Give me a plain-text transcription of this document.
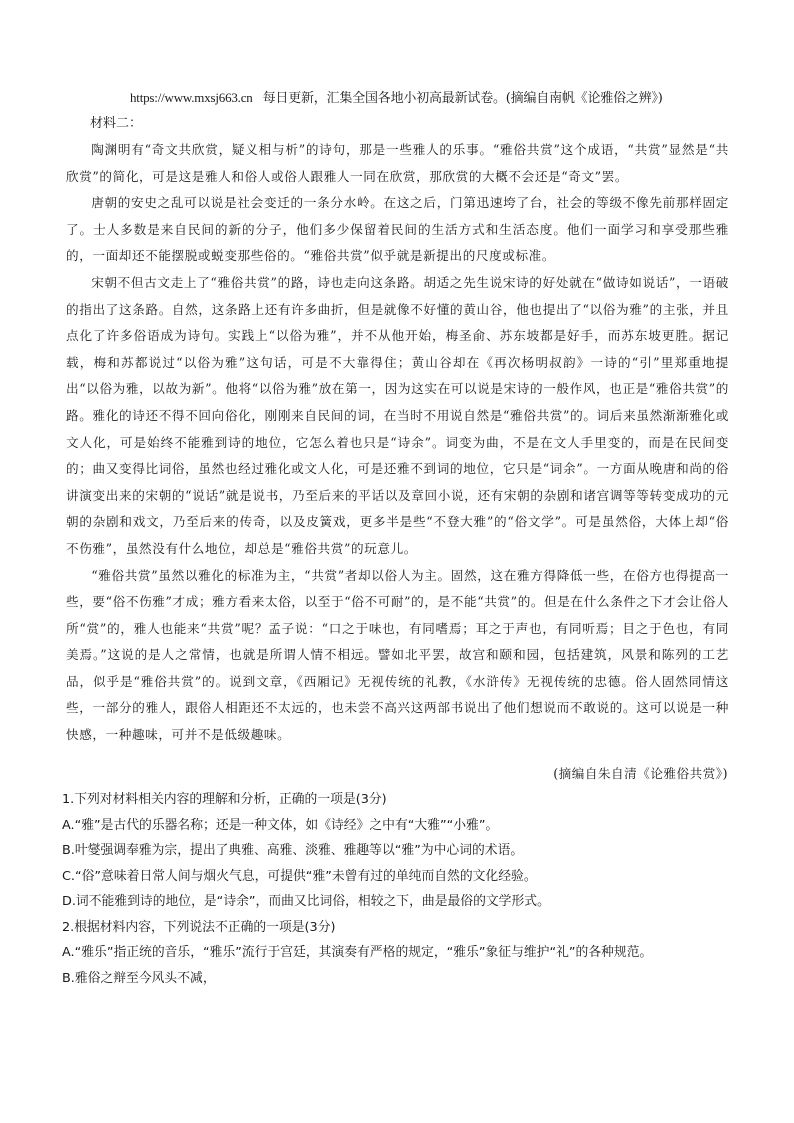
https://www.mxsj663.cn 每日更新，汇集全国各地小初高最新试卷。(摘编自南帆《论雅俗之辨》)
材料二：

陶渊明有“奇文共欣赏，疑义相与析”的诗句，那是一些雅人的乐事。“雅俗共赏”这个成语，“共赏”显然是“共欣赏”的简化，可是这是雅人和俗人或俗人跟雅人一同在欣赏，那欣赏的大概不会还是“奇文”罢。

唐朝的安史之乱可以说是社会变迁的一条分水岭。在这之后，门第迅速垮了台，社会的等级不像先前那样固定了。士人多数是来自民间的新的分子，他们多少保留着民间的生活方式和生活态度。他们一面学习和享受那些雅的，一面却还不能摆脱或蜕变那些俗的。“雅俗共赏”似乎就是新提出的尺度或标准。

宋朝不但古文走上了“雅俗共赏”的路，诗也走向这条路。胡适之先生说宋诗的好处就在“做诗如说话”，一语破的指出了这条路。自然，这条路上还有许多曲折，但是就像不好懂的黄山谷，他也提出了“以俗为雅”的主张，并且点化了许多俗语成为诗句。实践上“以俗为雅”，并不从他开始，梅圣俞、苏东坡都是好手，而苏东坡更胜。据记载，梅和苏都说过“以俗为雅”这句话，可是不大靠得住；黄山谷却在《再次杨明叔韵》一诗的“引”里郑重地提出“以俗为雅，以故为新”。他将“以俗为雅”放在第一，因为这实在可以说是宋诗的一般作风，也正是“雅俗共赏”的路。雅化的诗还不得不回向俗化，刚刚来自民间的词，在当时不用说自然是“雅俗共赏”的。词后来虽然渐渐雅化或文人化，可是始终不能雅到诗的地位，它怎么着也只是“诗余”。词变为曲，不是在文人手里变的，而是在民间变的；曲又变得比词俗，虽然也经过雅化或文人化，可是还雅不到词的地位，它只是“词余”。一方面从晚唐和尚的俗讲演变出来的宋朝的“说话”就是说书，乃至后来的平话以及章回小说，还有宋朝的杂剧和诸宫调等等转变成功的元朝的杂剧和戏文，乃至后来的传奇，以及皮簧戏，更多半是些“不登大雅”的“俗文学”。可是虽然俗，大体上却“俗不伤雅”，虽然没有什么地位，却总是“雅俗共赏”的玩意儿。

“雅俗共赏”虽然以雅化的标准为主，“共赏”者却以俗人为主。固然，这在雅方得降低一些，在俗方也得提高一些，要“俗不伤雅”才成；雅方看来太俗，以至于“俗不可耐”的，是不能“共赏”的。但是在什么条件之下才会让俗人所“赏”的，雅人也能来“共赏”呢？孟子说：“口之于味也，有同嗜焉；耳之于声也，有同听焉；目之于色也，有同美焉。”这说的是人之常情，也就是所谓人情不相远。譬如北平罢，故宫和颐和园，包括建筑，风景和陈列的工艺品，似乎是“雅俗共赏”的。说到文章，《西厢记》无视传统的礼教，《水浒传》无视传统的忠德。俗人固然同情这些，一部分的雅人，跟俗人相距还不太远的，也未尝不高兴这两部书说出了他们想说而不敢说的。这可以说是一种快感，一种趣味，可并不是低级趣味。

(摘编自朱自清《论雅俗共赏》)

1.下列对材料相关内容的理解和分析，正确的一项是(3分)

A.“雅”是古代的乐器名称；还是一种文体，如《诗经》之中有“大雅”“小雅”。

B.叶燮强调奉雅为宗，提出了典雅、高雅、淡雅、雅趣等以“雅”为中心词的术语。

C.“俗”意味着日常人间与烟火气息，可提供“雅”未曾有过的单纯而自然的文化经验。

D.词不能雅到诗的地位，是“诗余”，而曲又比词俗，相较之下，曲是最俗的文学形式。

2.根据材料内容，下列说法不正确的一项是(3分)

A.“雅乐”指正统的音乐，“雅乐”流行于宫廷，其演奏有严格的规定，“雅乐”象征与维护“礼”的各种规范。

B.雅俗之辩至今风头不减，
